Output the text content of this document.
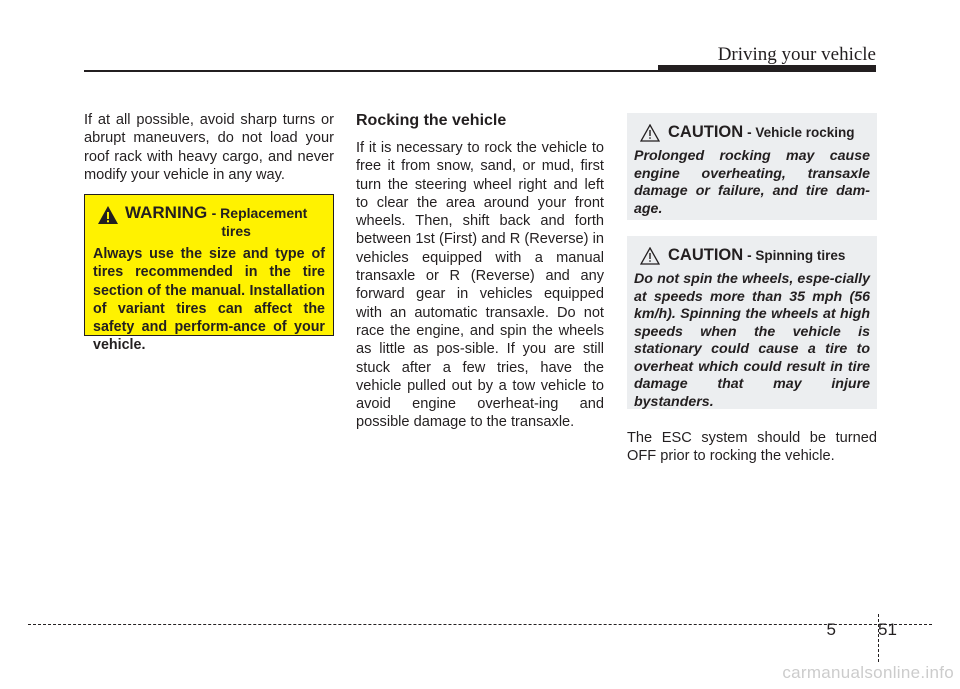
Driving your vehicle

If at all possible, avoid sharp turns or abrupt maneuvers, do not load your roof rack with heavy cargo, and never modify your vehicle in any way.

WARNING - Replacement
tires

Always use the size and type of tires recommended in the tire section of the manual. Installation of variant tires can affect the safety and perform-ance of your vehicle.

Rocking the vehicle

If it is necessary to rock the vehicle to free it from snow, sand, or mud, first turn the steering wheel right and left to clear the area around your front wheels. Then, shift back and forth between 1st (First) and R (Reverse) in vehicles equipped with a manual transaxle or R (Reverse) and any forward gear in vehicles equipped with an automatic transaxle. Do not race the engine, and spin the wheels as little as pos-sible. If you are still stuck after a few tries, have the vehicle pulled out by a tow vehicle to avoid engine overheat-ing and possible damage to the transaxle.

CAUTION - Vehicle rocking

Prolonged rocking may cause engine overheating, transaxle damage or failure, and tire dam-age.

CAUTION - Spinning tires

Do not spin the wheels, espe-cially at speeds more than 35 mph (56 km/h). Spinning the wheels at high speeds when the vehicle is stationary could cause a tire to overheat which could result in tire damage that may injure bystanders.

The ESC system should be turned OFF prior to rocking the vehicle.

5 51
carmanualsonline.info
